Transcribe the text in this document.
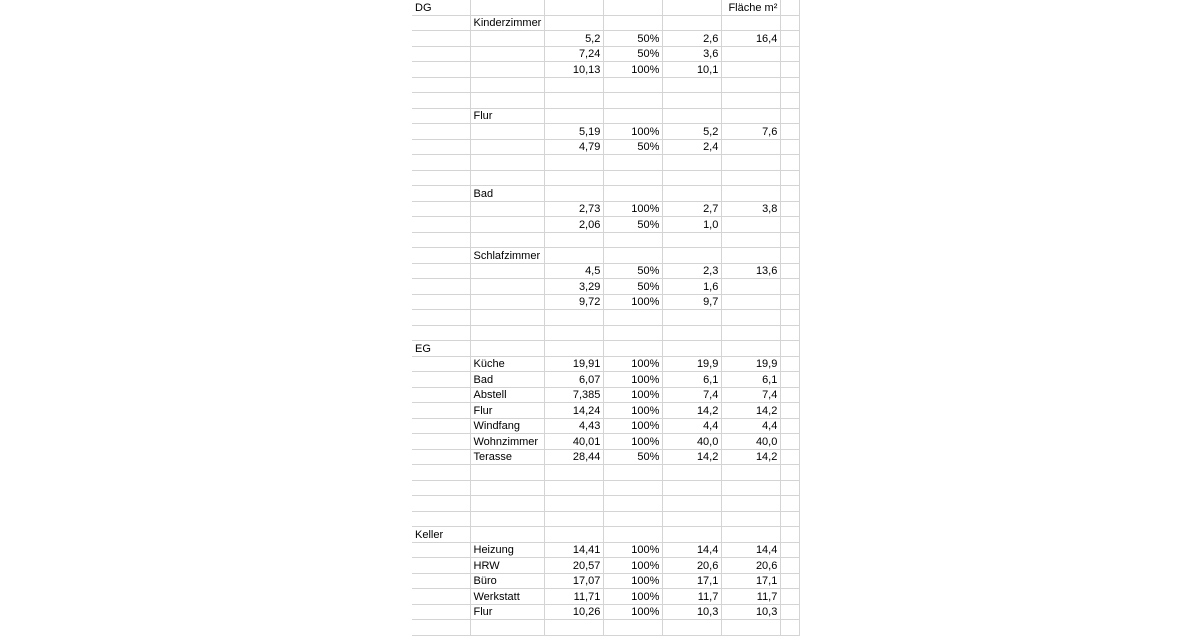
DG					Fläche m²	
	Kinderzimmer					
		5,2	50%	2,6	16,4	
		7,24	50%	3,6		
		10,13	100%	10,1		

	Flur					
		5,19	100%	5,2	7,6	
		4,79	50%	2,4		

	Bad					
		2,73	100%	2,7	3,8	
		2,06	50%	1,0		

	Schlafzimmer					
		4,5	50%	2,3	13,6	
		3,29	50%	1,6		
		9,72	100%	9,7		

EG						
	Küche	19,91	100%	19,9	19,9	
	Bad	6,07	100%	6,1	6,1	
	Abstell	7,385	100%	7,4	7,4	
	Flur	14,24	100%	14,2	14,2	
	Windfang	4,43	100%	4,4	4,4	
	Wohnzimmer	40,01	100%	40,0	40,0	
	Terasse	28,44	50%	14,2	14,2	

Keller						
	Heizung	14,41	100%	14,4	14,4	
	HRW	20,57	100%	20,6	20,6	
	Büro	17,07	100%	17,1	17,1	
	Werkstatt	11,71	100%	11,7	11,7	
	Flur	10,26	100%	10,3	10,3	
